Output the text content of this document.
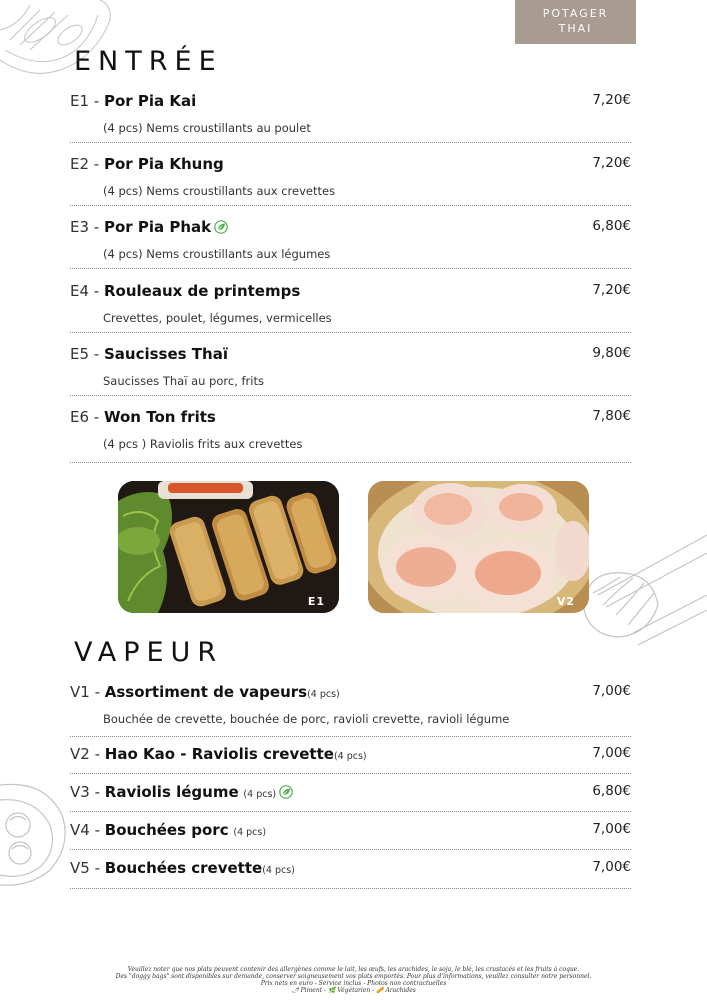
POTAGER
THAI
ENTRÉE
E1 - Por Pia Kai	7,20€
(4 pcs) Nems croustillants au poulet
E2 - Por Pia Khung	7,20€
(4 pcs) Nems croustillants aux crevettes
E3 - Por Pia Phak	6,80€
(4 pcs) Nems croustillants aux légumes
E4 - Rouleaux de printemps	7,20€
Crevettes, poulet, légumes, vermicelles
E5 - Saucisses Thaï	9,80€
Saucisses Thaï au porc, frits
E6 - Won Ton frits	7,80€
(4 pcs ) Raviolis frits aux crevettes
E1	V2
VAPEUR
V1 - Assortiment de vapeurs(4 pcs)	7,00€
Bouchée de crevette, bouchée de porc, ravioli crevette, ravioli légume
V2 - Hao Kao - Raviolis crevette(4 pcs)	7,00€
V3 - Raviolis légume (4 pcs)	6,80€
V4 - Bouchées porc (4 pcs)	7,00€
V5 - Bouchées crevette(4 pcs)	7,00€
Veuillez noter que nos plats peuvent contenir des allergènes comme le lait, les œufs, les arachides, le soja, le blé, les crustacés et les fruits à coque.
Des "doggy bags" sont disponibles sur demande, conserver soigneusement vos plats emportés. Pour plus d'informations, veuillez consulter notre personnel.
Prix nets en euro - Service inclus - Photos non contractuelles
🌶 Piment - 🌿 Végétarien - 🥜 Arachides
